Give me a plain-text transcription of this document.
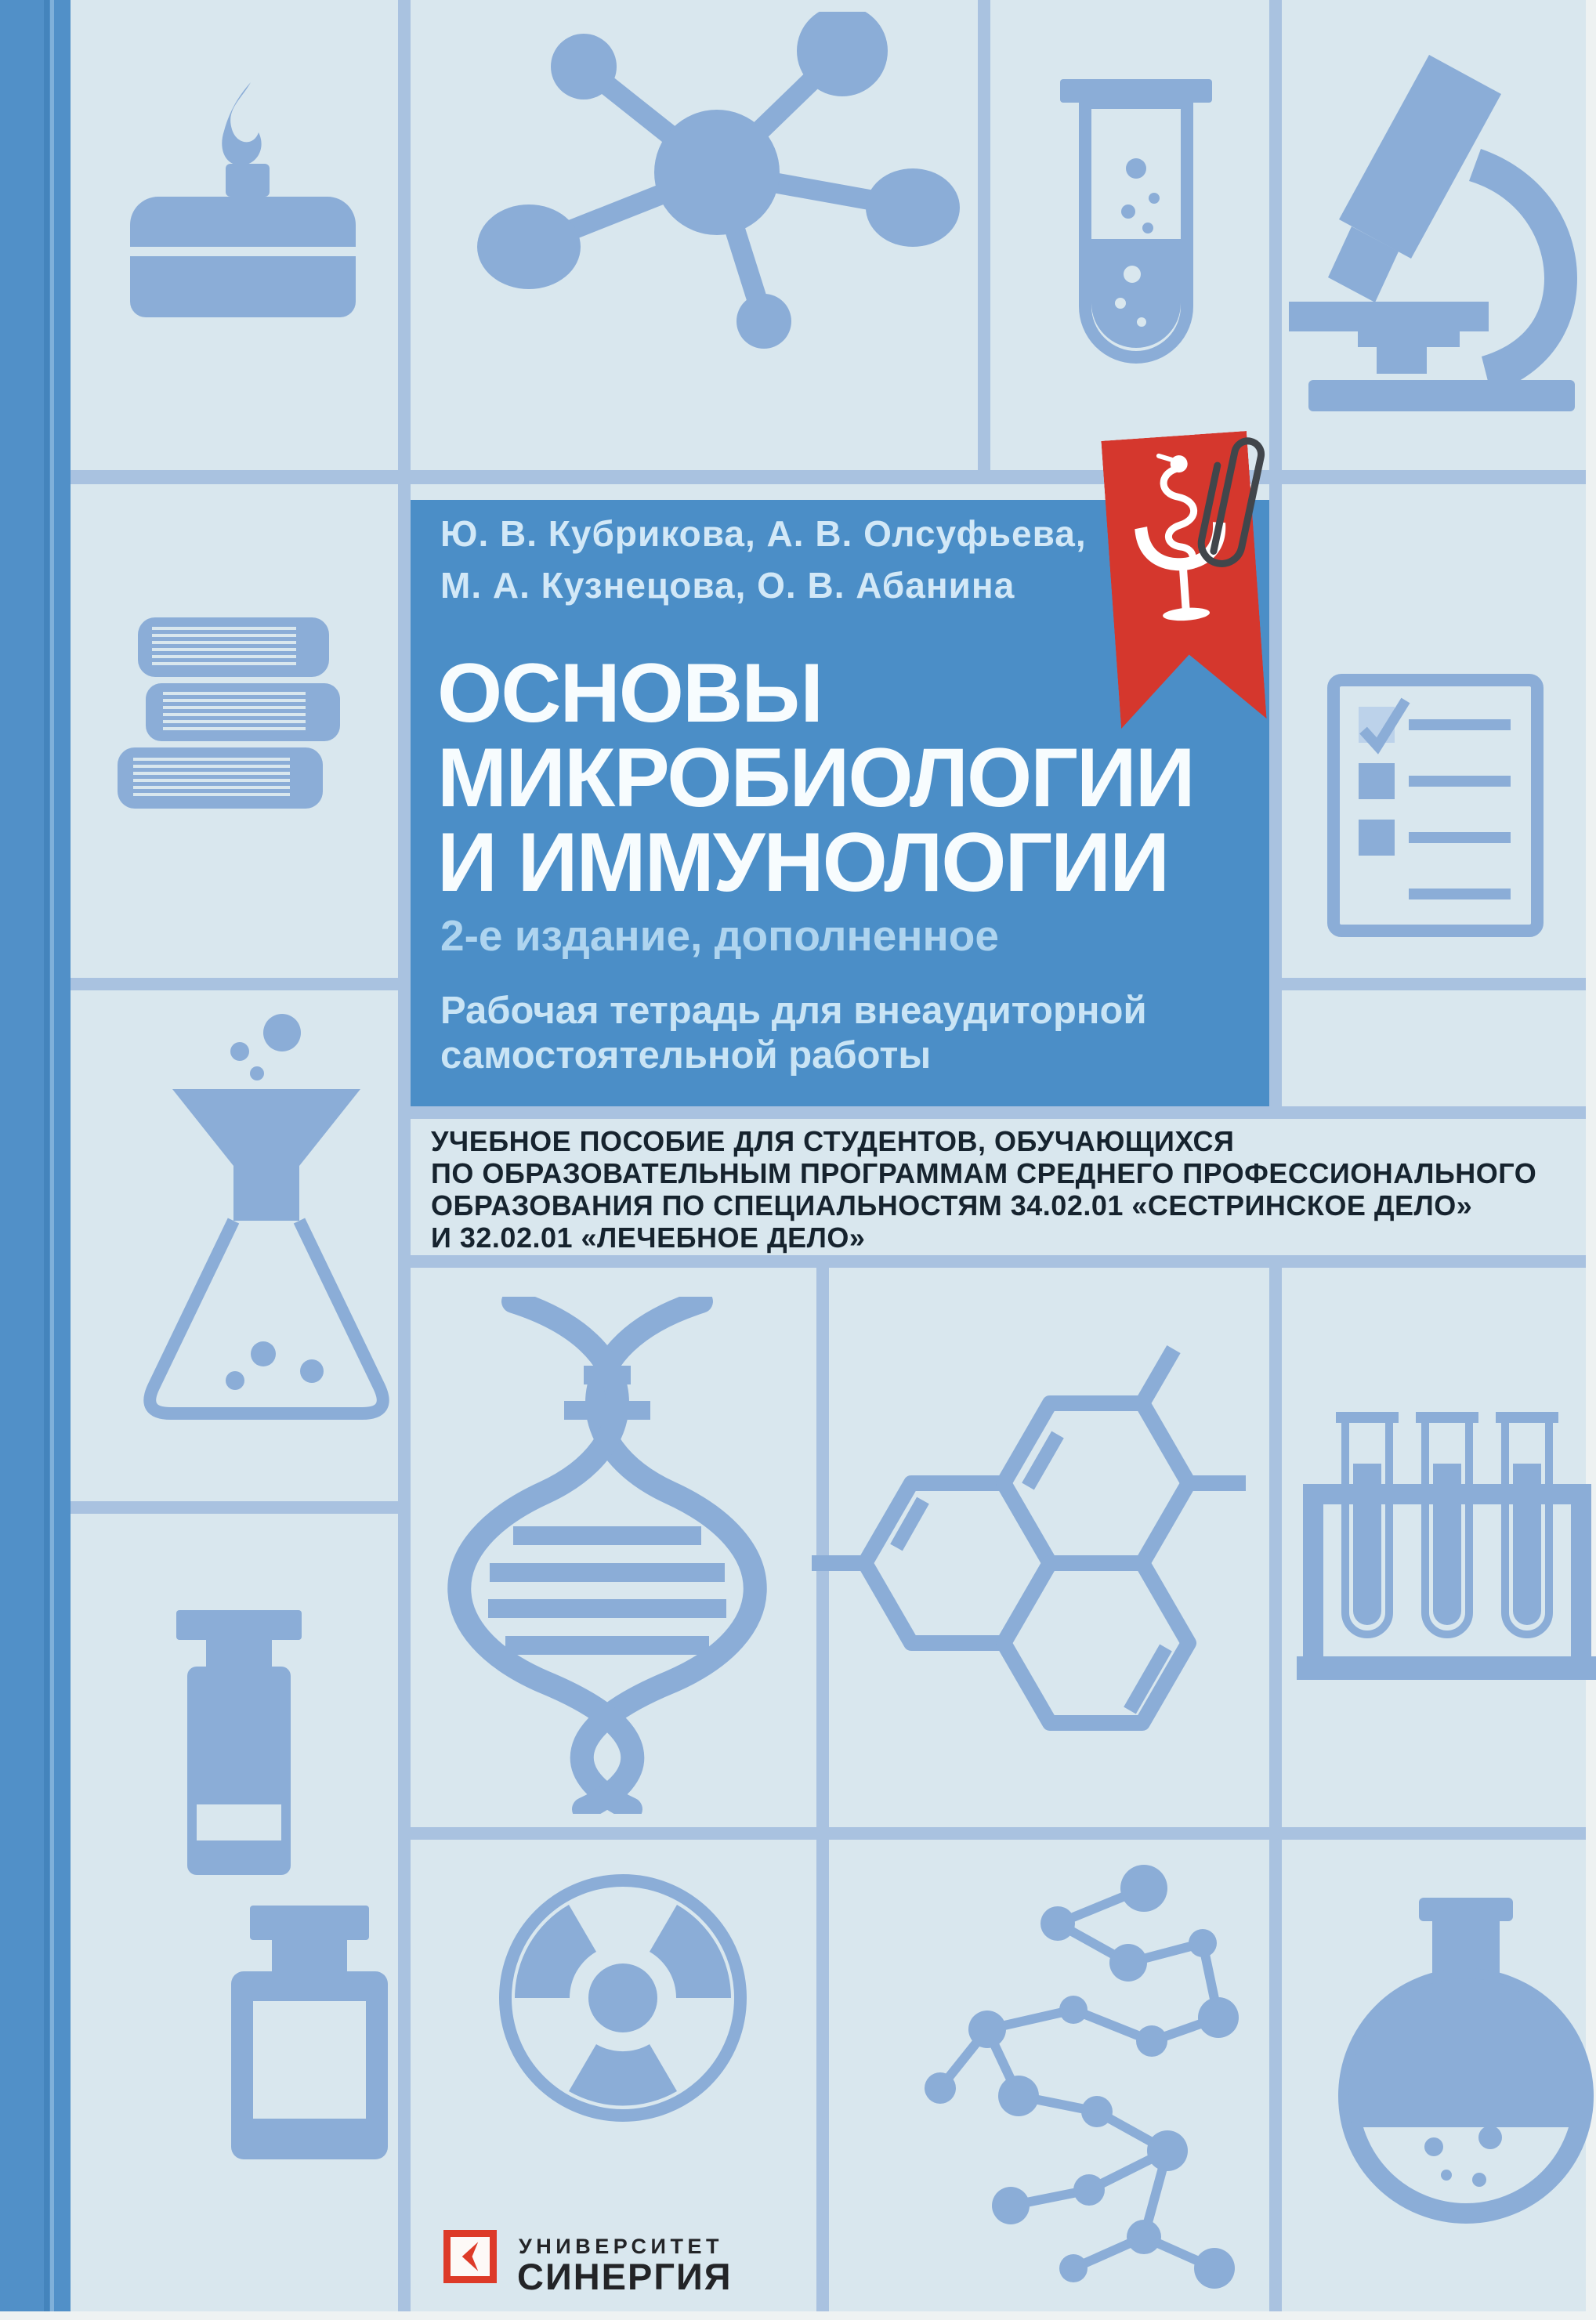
Ю. В. Кубрикова, А. В. Олсуфьева,
М. А. Кузнецова, О. В. Абанина
ОСНОВЫ
МИКРОБИОЛОГИИ
И ИММУНОЛОГИИ
2-е издание, дополненное
Рабочая тетрадь для внеаудиторной
самостоятельной работы
УЧЕБНОЕ ПОСОБИЕ ДЛЯ СТУДЕНТОВ, ОБУЧАЮЩИХСЯ
ПО ОБРАЗОВАТЕЛЬНЫМ ПРОГРАММАМ СРЕДНЕГО ПРОФЕССИОНАЛЬНОГО
ОБРАЗОВАНИЯ ПО СПЕЦИАЛЬНОСТЯМ 34.02.01 «СЕСТРИНСКОЕ ДЕЛО»
И 32.02.01 «ЛЕЧЕБНОЕ ДЕЛО»
УНИВЕРСИТЕТ
СИНЕРГИЯ
